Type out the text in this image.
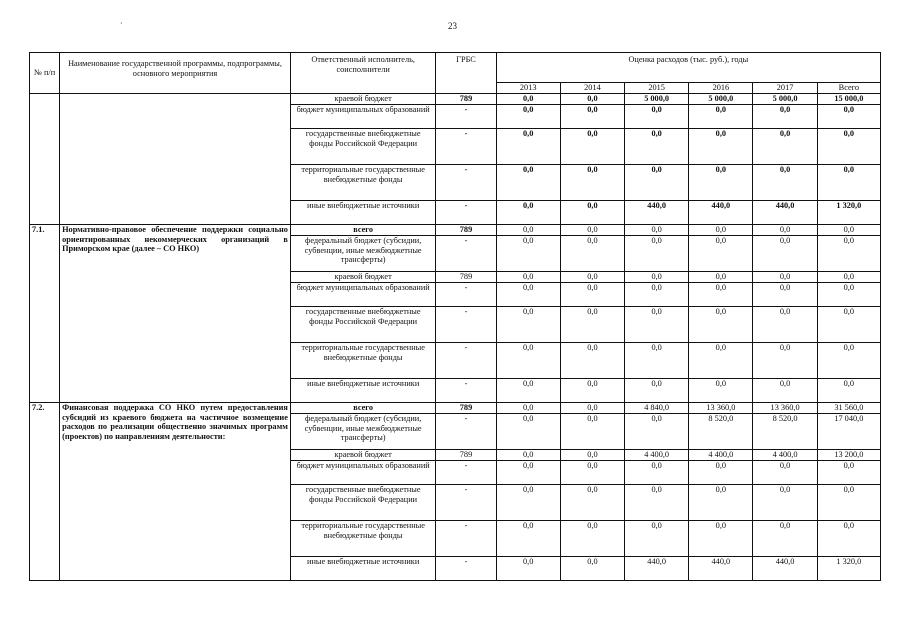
·	23
№ п/п	Наименование государственной программы, подпрограммы, основного мероприятия	Ответственный исполнитель, соисполнители	ГРБС	Оценка расходов (тыс. руб.), годы					
				2013	2014	2015	2016	2017	Всего
		краевой бюджет	789	0,0	0,0	5 000,0	5 000,0	5 000,0	15 000,0
		бюджет муниципальных образований	-	0,0	0,0	0,0	0,0	0,0	0,0
		государственные внебюджетные фонды Российской Федерации	-	0,0	0,0	0,0	0,0	0,0	0,0
		территориальные государственные внебюджетные фонды	-	0,0	0,0	0,0	0,0	0,0	0,0
		иные внебюджетные источники	-	0,0	0,0	440,0	440,0	440,0	1 320,0
7.1.	Нормативно-правовое обеспечение поддержки социально ориентированных некоммерческих организаций в Приморском крае (далее – СО НКО)	всего	789	0,0	0,0	0,0	0,0	0,0	0,0
		федеральный бюджет (субсидии, субвенции, иные межбюджетные трансферты)	-	0,0	0,0	0,0	0,0	0,0	0,0
		краевой бюджет	789	0,0	0,0	0,0	0,0	0,0	0,0
		бюджет муниципальных образований	-	0,0	0,0	0,0	0,0	0,0	0,0
		государственные внебюджетные фонды Российской Федерации	-	0,0	0,0	0,0	0,0	0,0	0,0
		территориальные государственные внебюджетные фонды	-	0,0	0,0	0,0	0,0	0,0	0,0
		иные внебюджетные источники	-	0,0	0,0	0,0	0,0	0,0	0,0
7.2.	Финансовая поддержка СО НКО путем предоставления субсидий из краевого бюджета на частичное возмещение расходов по реализации общественно значимых программ (проектов) по направлениям деятельности:	всего	789	0,0	0,0	4 840,0	13 360,0	13 360,0	31 560,0
		федеральный бюджет (субсидии, субвенции, иные межбюджетные трансферты)	-	0,0	0,0	0,0	8 520,0	8 520,0	17 040,0
		краевой бюджет	789	0,0	0,0	4 400,0	4 400,0	4 400,0	13 200,0
		бюджет муниципальных образований	-	0,0	0,0	0,0	0,0	0,0	0,0
		государственные внебюджетные фонды Российской Федерации	-	0,0	0,0	0,0	0,0	0,0	0,0
		территориальные государственные внебюджетные фонды	-	0,0	0,0	0,0	0,0	0,0	0,0
		иные внебюджетные источники	-	0,0	0,0	440,0	440,0	440,0	1 320,0
